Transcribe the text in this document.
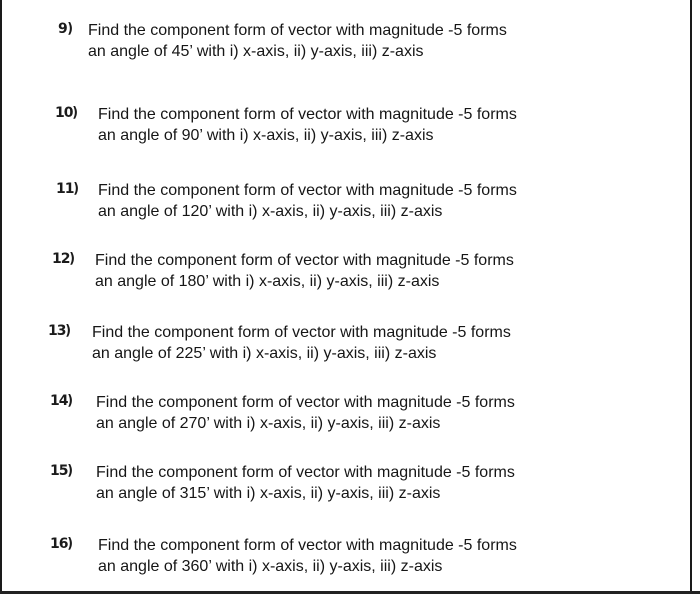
9) Find the component form of vector with magnitude -5 forms
an angle of 45’ with i) x-axis, ii) y-axis, iii) z-axis
10) Find the component form of vector with magnitude -5 forms
an angle of 90’ with i) x-axis, ii) y-axis, iii) z-axis
11) Find the component form of vector with magnitude -5 forms
an angle of 120’ with i) x-axis, ii) y-axis, iii) z-axis
12) Find the component form of vector with magnitude -5 forms
an angle of 180’ with i) x-axis, ii) y-axis, iii) z-axis
13) Find the component form of vector with magnitude -5 forms
an angle of 225’ with i) x-axis, ii) y-axis, iii) z-axis
14) Find the component form of vector with magnitude -5 forms
an angle of 270’ with i) x-axis, ii) y-axis, iii) z-axis
15) Find the component form of vector with magnitude -5 forms
an angle of 315’ with i) x-axis, ii) y-axis, iii) z-axis
16) Find the component form of vector with magnitude -5 forms
an angle of 360’ with i) x-axis, ii) y-axis, iii) z-axis
